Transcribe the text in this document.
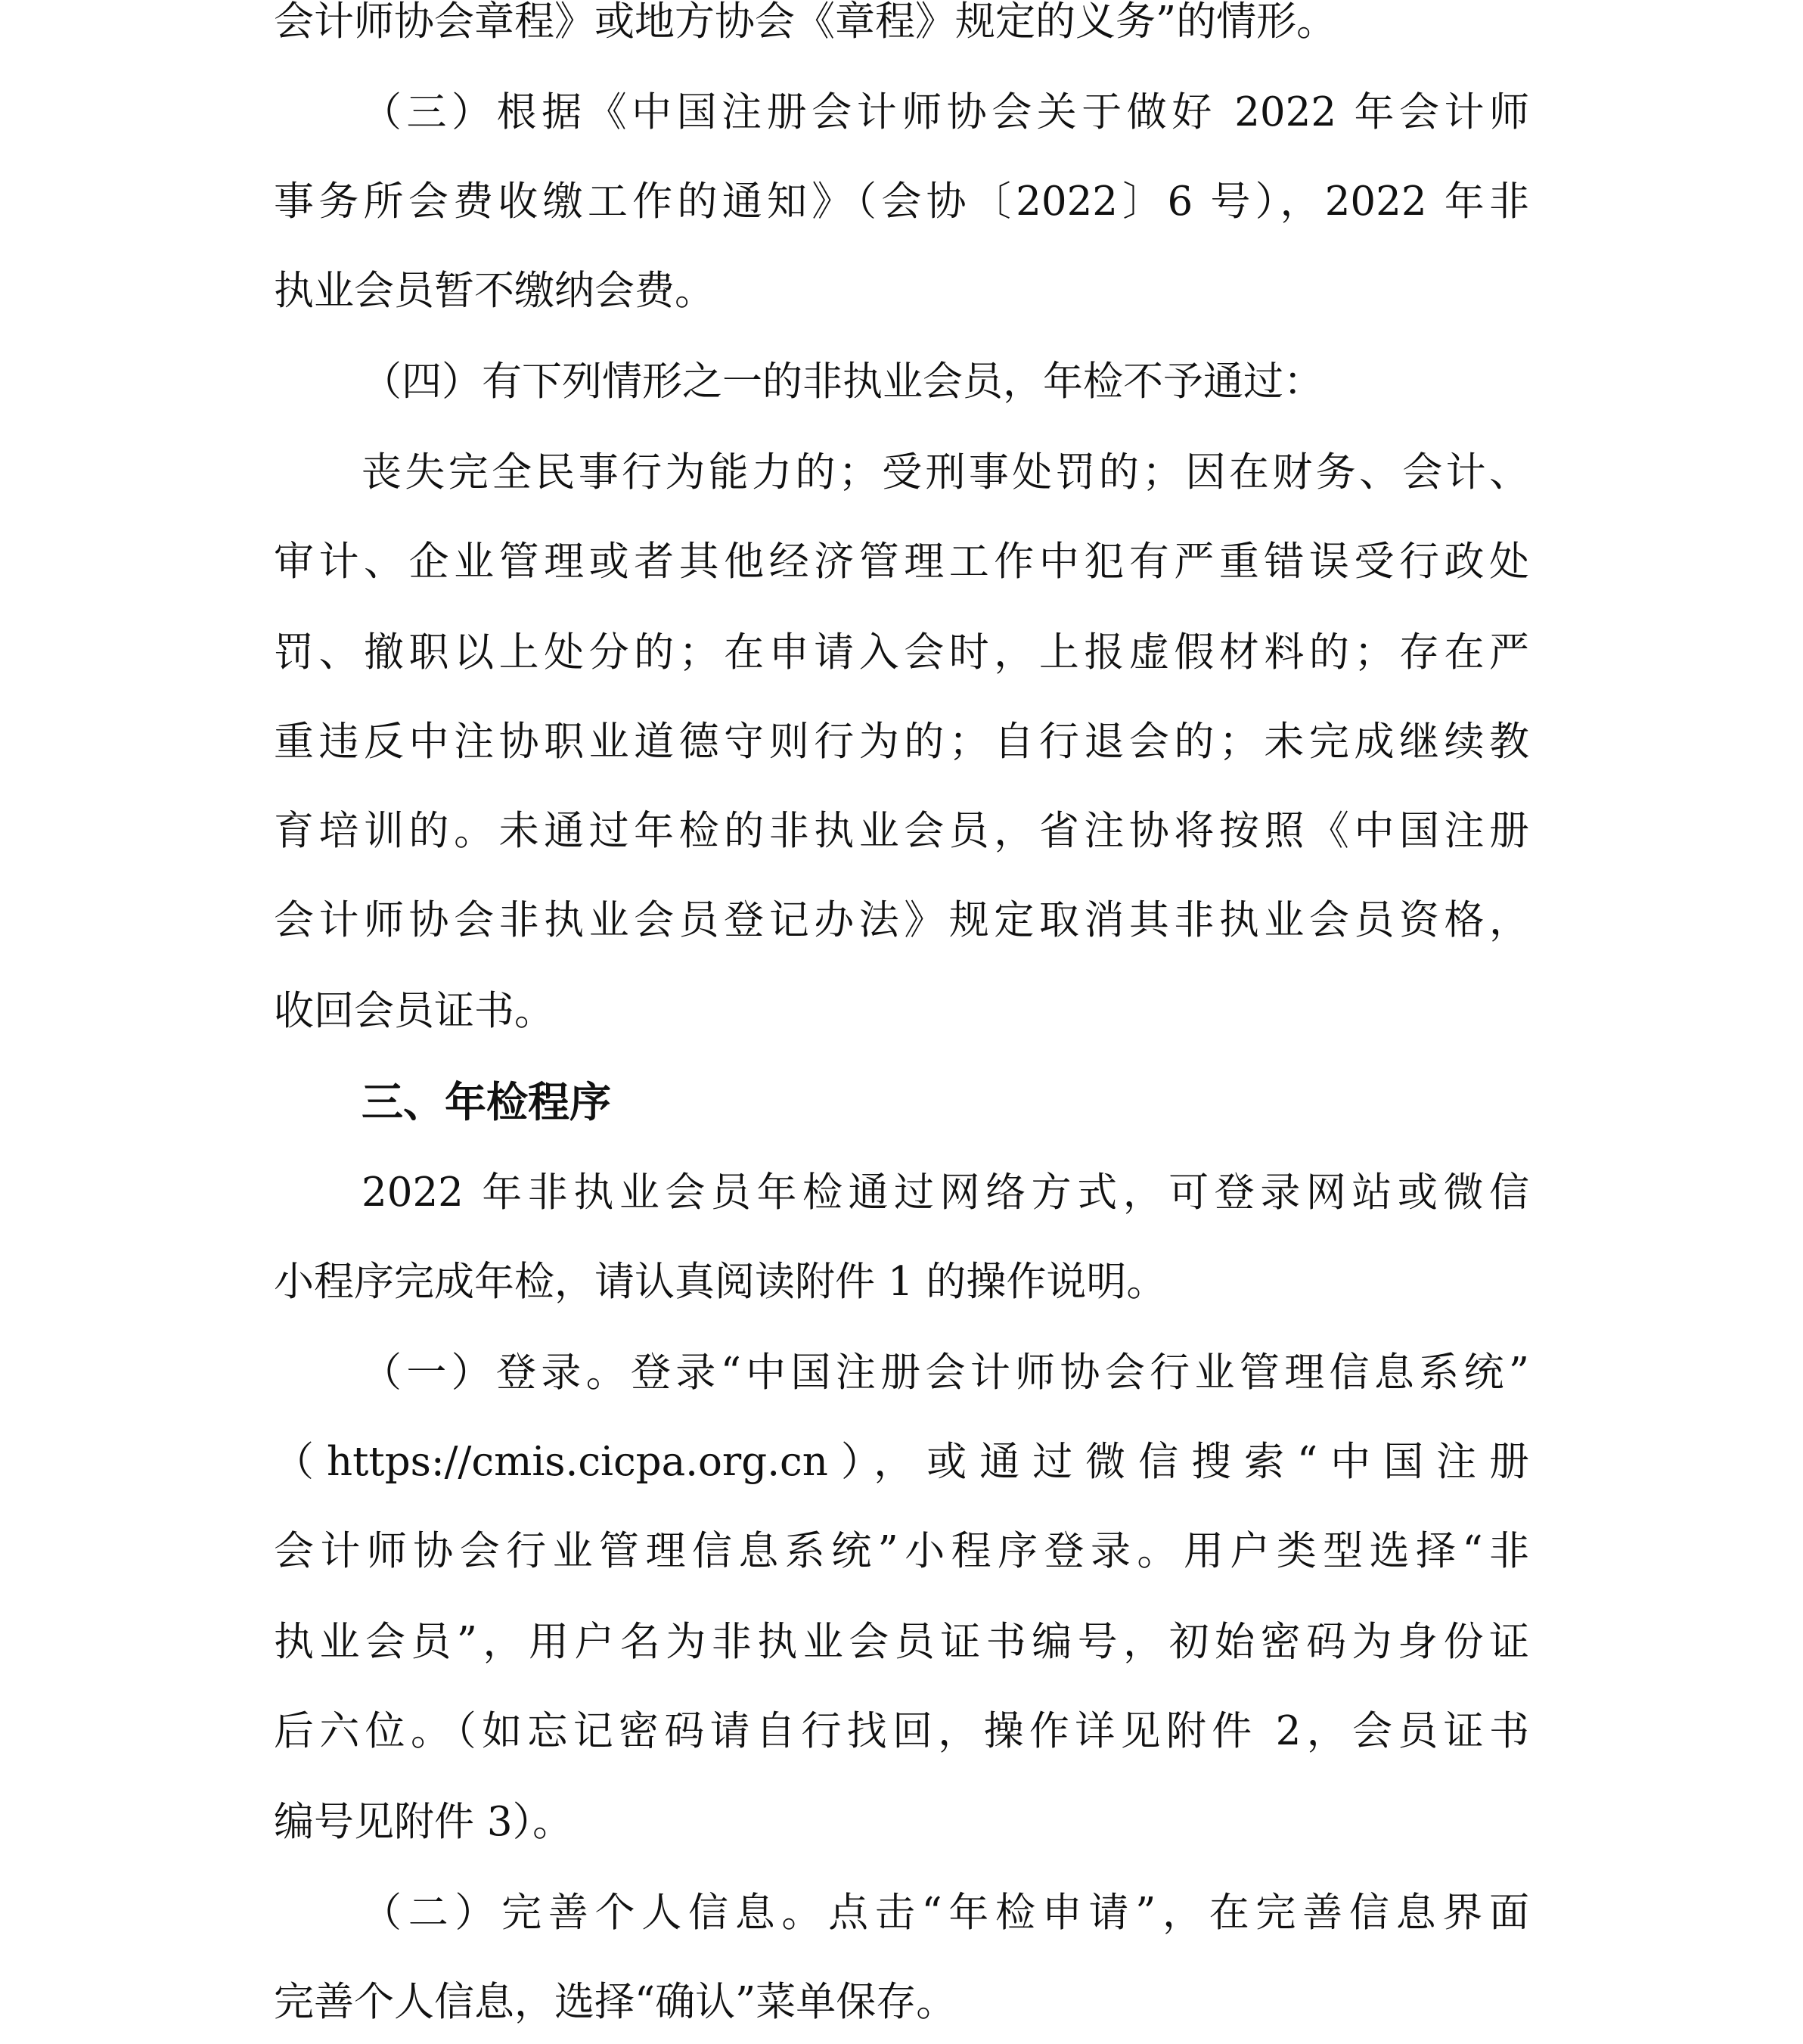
会计师协会章程》或地方协会《章程》规定的义务”的情形。
（三）根据《中国注册会计师协会关于做好 2022 年会计师
事务所会费收缴工作的通知》（会协〔2022〕6 号），2022 年非
执业会员暂不缴纳会费。
（四）有下列情形之一的非执业会员，年检不予通过：
丧失完全民事行为能力的；受刑事处罚的；因在财务、会计、
审计、企业管理或者其他经济管理工作中犯有严重错误受行政处
罚、撤职以上处分的；在申请入会时，上报虚假材料的；存在严
重违反中注协职业道德守则行为的；自行退会的；未完成继续教
育培训的。未通过年检的非执业会员，省注协将按照《中国注册
会计师协会非执业会员登记办法》规定取消其非执业会员资格，
收回会员证书。
三、年检程序
2022 年非执业会员年检通过网络方式，可登录网站或微信
小程序完成年检，请认真阅读附件 1 的操作说明。
（一）登录。登录“中国注册会计师协会行业管理信息系统”
（https://cmis.cicpa.org.cn），或通过微信搜索“中国注册
会计师协会行业管理信息系统”小程序登录。用户类型选择“非
执业会员”，用户名为非执业会员证书编号，初始密码为身份证
后六位。（如忘记密码请自行找回，操作详见附件 2，会员证书
编号见附件 3）。
（二）完善个人信息。点击“年检申请”，在完善信息界面
完善个人信息，选择“确认”菜单保存。
